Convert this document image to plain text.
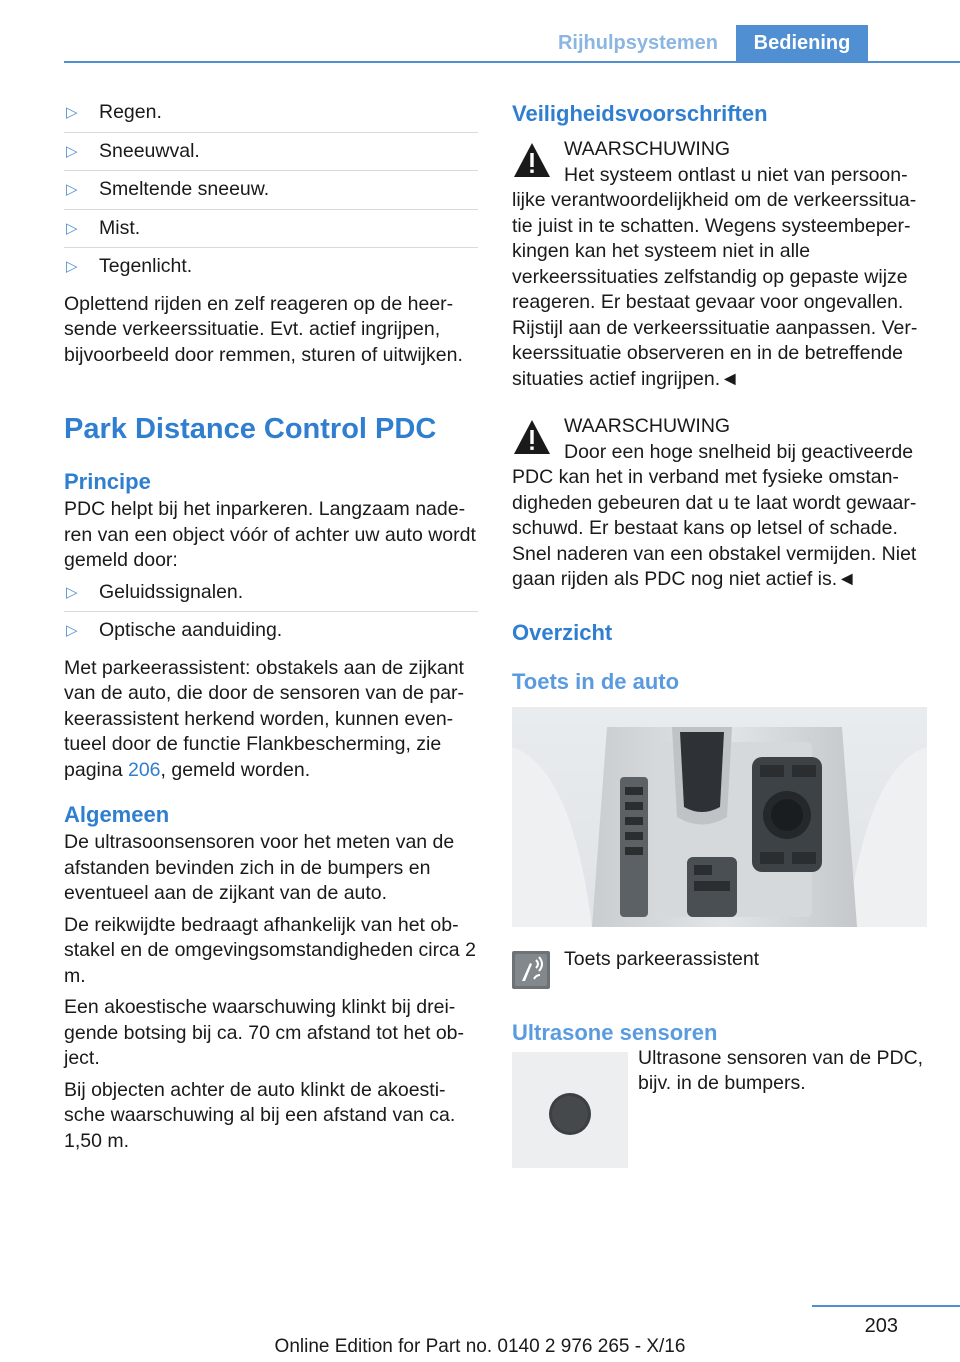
Rijhulpsystemen	Bediening
▷ Regen.
▷ Sneeuwval.
▷ Smeltende sneeuw.
▷ Mist.
▷ Tegenlicht.

Oplettend rijden en zelf reageren op de heer-sende verkeerssituatie. Evt. actief ingrijpen, bijvoorbeeld door remmen, sturen of uitwijken.

Park Distance Control PDC
Principe

PDC helpt bij het inparkeren. Langzaam nade-ren van een object vóór of achter uw auto wordt gemeld door:

▷ Geluidssignalen.
▷ Optische aanduiding.

Met parkeerassistent: obstakels aan de zijkant van de auto, die door de sensoren van de par-keerassistent herkend worden, kunnen even-tueel door de functie Flankbescherming, zie pagina 206, gemeld worden.

Algemeen

De ultrasoonsensoren voor het meten van de afstanden bevinden zich in de bumpers en eventueel aan de zijkant van de auto.

De reikwijdte bedraagt afhankelijk van het ob-stakel en de omgevingsomstandigheden circa 2 m.

Een akoestische waarschuwing klinkt bij drei-gende botsing bij ca. 70 cm afstand tot het ob-ject.

Bij objecten achter de auto klinkt de akoesti-sche waarschuwing al bij een afstand van ca. 1,50 m.

Veiligheidsvoorschriften
WAARSCHUWING
Het systeem ontlast u niet van persoon-lijke verantwoordelijkheid om de verkeerssitua-tie juist in te schatten. Wegens systeembeper-kingen kan het systeem niet in alle verkeerssituaties zelfstandig op gepaste wijze reageren. Er bestaat gevaar voor ongevallen. Rijstijl aan de verkeerssituatie aanpassen. Ver-keerssituatie observeren en in de betreffende situaties actief ingrijpen.◄
WAARSCHUWING
Door een hoge snelheid bij geactiveerde PDC kan het in verband met fysieke omstan-digheden gebeuren dat u te laat wordt gewaar-schuwd. Er bestaat kans op letsel of schade. Snel naderen van een obstakel vermijden. Niet gaan rijden als PDC nog niet actief is.◄
Overzicht
Toets in de auto
Toets parkeerassistent
Ultrasone sensoren
Ultrasone sensoren van de PDC, bijv. in de bumpers.
203
Online Edition for Part no. 0140 2 976 265 - X/16
